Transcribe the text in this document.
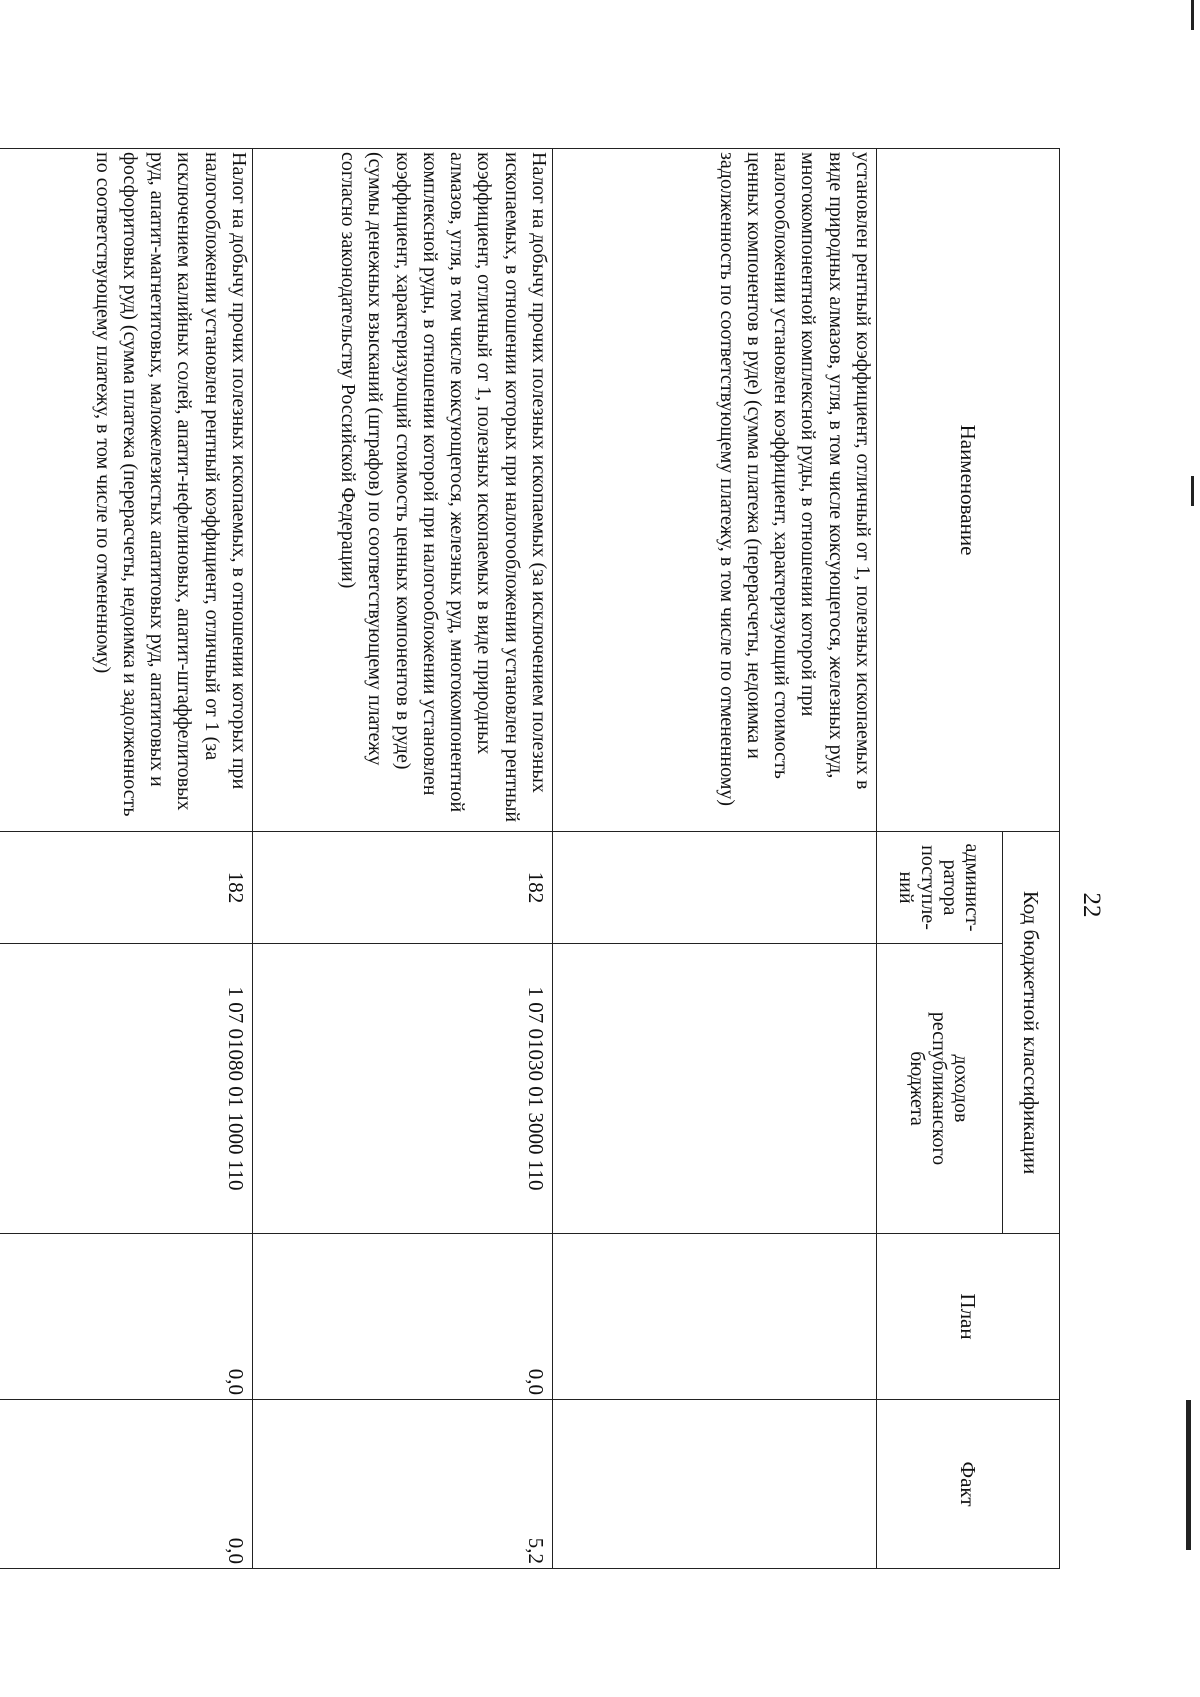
22
Наименование	Код бюджетной классификации		План	Факт

	админист-
ратора
поступле-
ний	доходов
республиканского
бюджета		

установлен рентный коэффициент, отличный от 1, полезных ископаемых в виде природных алмазов, угля, в том числе коксующегося, железных руд, многокомпонентной комплексной руды, в отношении которой при налогообложении установлен коэффициент, характеризующий стоимость ценных компонентов в руде) (сумма платежа (перерасчеты, недоимка и задолженность по соответствующему платежу, в том числе по отмененному)				
Налог на добычу прочих полезных ископаемых (за исключением полезных ископаемых, в отношении которых при налогообложении установлен рентный коэффициент, отличный от 1, полезных ископаемых в виде природных алмазов, угля, в том числе коксующегося, железных руд, многокомпонентной комплексной руды, в отношении которой при налогообложении установлен коэффициент, характеризующий стоимость ценных компонентов в руде) (суммы денежных взысканий (штрафов) по соответствующему платежу согласно законодательству Российской Федерации)	182	1 07 01030 01 3000 110	0,0	5,2
Налог на добычу прочих полезных ископаемых, в отношении которых при налогообложении установлен рентный коэффициент, отличный от 1 (за исключением калийных солей, апатит-нефелиновых, апатит-штаффелитовых руд, апатит-магнетитовых, маложелезистых апатитовых руд, апатитовых и фосфоритовых руд) (сумма платежа (перерасчеты, недоимка и задолженность по соответствующему платежу, в том числе по отмененному)	182	1 07 01080 01 1000 110	0,0	0,0
